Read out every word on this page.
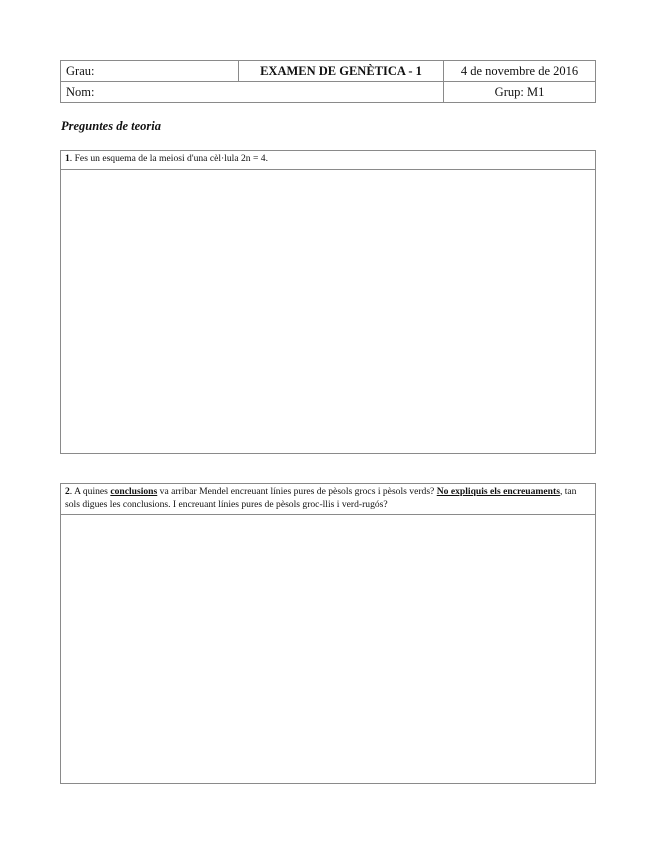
Grau:	EXAMEN DE GENÈTICA - 1	4 de novembre de 2016
Nom:		Grup: M1
Preguntes de teoria
1. Fes un esquema de la meiosi d'una cèl·lula 2n = 4.
2. A quines conclusions va arribar Mendel encreuant línies pures de pèsols grocs i pèsols verds? No expliquis els encreuaments, tan sols digues les conclusions. I encreuant línies pures de pèsols groc-llis i verd-rugós?
